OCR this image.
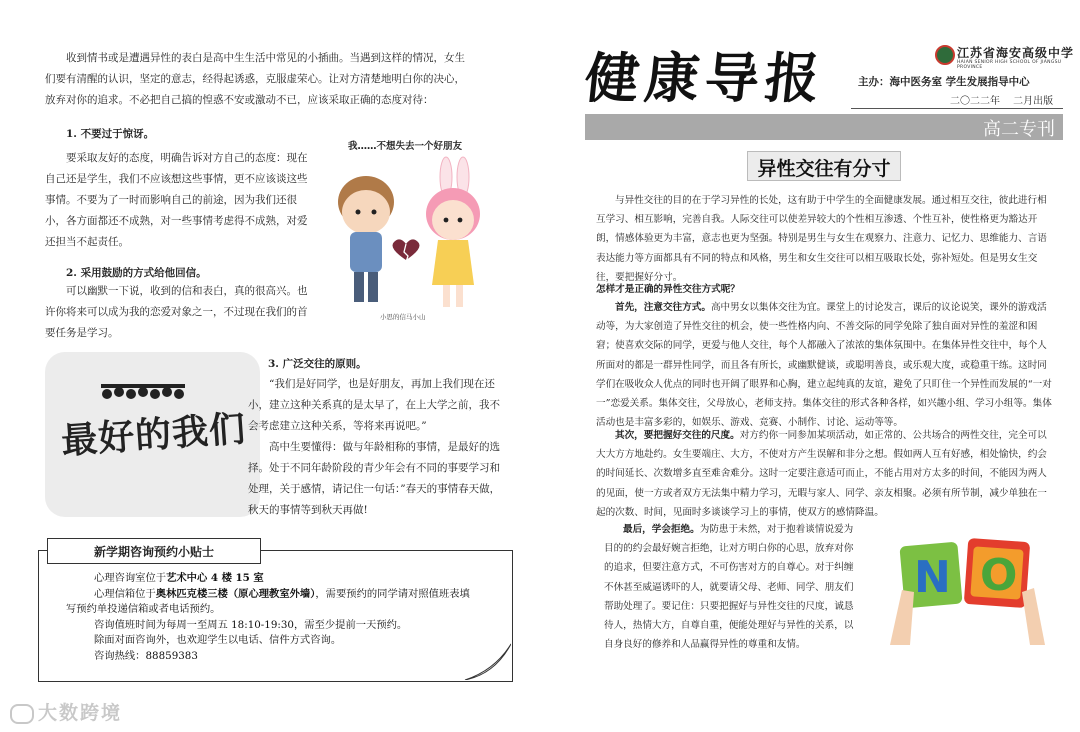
收到情书或是遭遇异性的表白是高中生生活中常见的小插曲。当遇到这样的情况，女生们要有清醒的认识，坚定的意志，经得起诱惑，克服虚荣心。让对方清楚地明白你的决心，放弃对你的追求。不必把自己搞的惶惑不安或激动不已，应该采取正确的态度对待：

1. 不要过于惊讶。

要采取友好的态度，明确告诉对方自己的态度：现在自己还是学生，我们不应该想这些事情，更不应该谈这些事情。不要为了一时而影响自己的前途，因为我们还很小，各方面都还不成熟，对一些事情考虑得不成熟，对爱还担当不起责任。

2. 采用鼓励的方式给他回信。

可以幽默一下说，收到的信和表白，真的很高兴。也许你将来可以成为我的恋爱对象之一，不过现在我们的首要任务是学习。

我……不想失去一个好朋友
小思的信马小山
最好的我们

3. 广泛交往的原则。

“我们是好同学，也是好朋友，再加上我们现在还小，建立这种关系真的是太早了，在上大学之前，我不会考虑建立这种关系，等将来再说吧。”

高中生要懂得：做与年龄相称的事情，是最好的选择。处于不同年龄阶段的青少年会有不同的事要学习和处理，关于感情，请记住一句话：”春天的事情春天做，秋天的事情等到秋天再做!

新学期咨询预约小贴士

心理咨询室位于艺术中心 4 楼 15 室

心理信箱位于奥林匹克楼三楼（原心理教室外墙），需要预约的同学请对照值班表填写预约单投递信箱或者电话预约。

咨询值班时间为每周一至周五 18:10-19:30，需至少提前一天预约。

除面对面咨询外，也欢迎学生以电话、信件方式咨询。

咨询热线：88859383

健康导报	江苏省海安高级中学
HAIAN SENIOR HIGH SCHOOL OF JIANGSU PROVINCE
主办：海中医务室 学生发展指导中心
二〇二二年 二月出版
高二专刊
异性交往有分寸

与异性交往的目的在于学习异性的长处，这有助于中学生的全面健康发展。通过相互交往，彼此进行相互学习、相互影响，完善自我。人际交往可以使差异较大的个性相互渗透、个性互补，使性格更为豁达开朗，情感体验更为丰富，意志也更为坚强。特别是男生与女生在观察力、注意力、记忆力、思维能力、言语表达能力等方面都具有不同的特点和风格，男生和女生交往可以相互吸取长处，弥补短处。但是男女生交往，要把握好分寸。

怎样才是正确的异性交往方式呢？

首先，注意交往方式。高中男女以集体交往为宜。课堂上的讨论发言，课后的议论说笑，课外的游戏活动等，为大家创造了异性交往的机会，使一些性格内向、不善交际的同学免除了独自面对异性的羞涩和困窘；使喜欢交际的同学，更爱与他人交往，每个人都融入了浓浓的集体氛围中。在集体异性交往中，每个人所面对的都是一群异性同学，而且各有所长，或幽默健谈，或聪明善良，或乐观大度，或稳重干练。这时同学们在吸收众人优点的同时也开阔了眼界和心胸，建立起纯真的友谊，避免了只盯住一个异性而发展的“一对一”恋爱关系。集体交往，父母放心，老师支持。集体交往的形式各种各样，如兴趣小组、学习小组等。集体活动也是丰富多彩的，如娱乐、游戏、竞赛、小制作、讨论、运动等等。

其次，要把握好交往的尺度。对方约你一同参加某项活动，如正常的、公共场合的两性交往，完全可以大大方方地赴约。女生要端庄、大方，不使对方产生误解和非分之想。假如两人互有好感，相处愉快，约会的时间延长、次数增多直至难舍难分。这时一定要注意适可而止，不能占用对方太多的时间，不能因为两人的见面，使一方或者双方无法集中精力学习，无暇与家人、同学、亲友相聚。必须有所节制，减少单独在一起的次数、时间，见面时多谈谈学习上的事情，使双方的感情降温。

最后，学会拒绝。为防患于未然，对于抱着谈情说爱为目的的约会最好婉言拒绝，让对方明白你的心思，放弃对你的追求，但要注意方式，不可伤害对方的自尊心。对于纠缠不休甚至威逼诱吓的人，就要请父母、老师、同学、朋友们帮助处理了。要记住：只要把握好与异性交往的尺度，诚恳待人，热情大方，自尊自重，便能处理好与异性的关系，以自身良好的修养和人品赢得异性的尊重和友情。

N O
大数跨境
